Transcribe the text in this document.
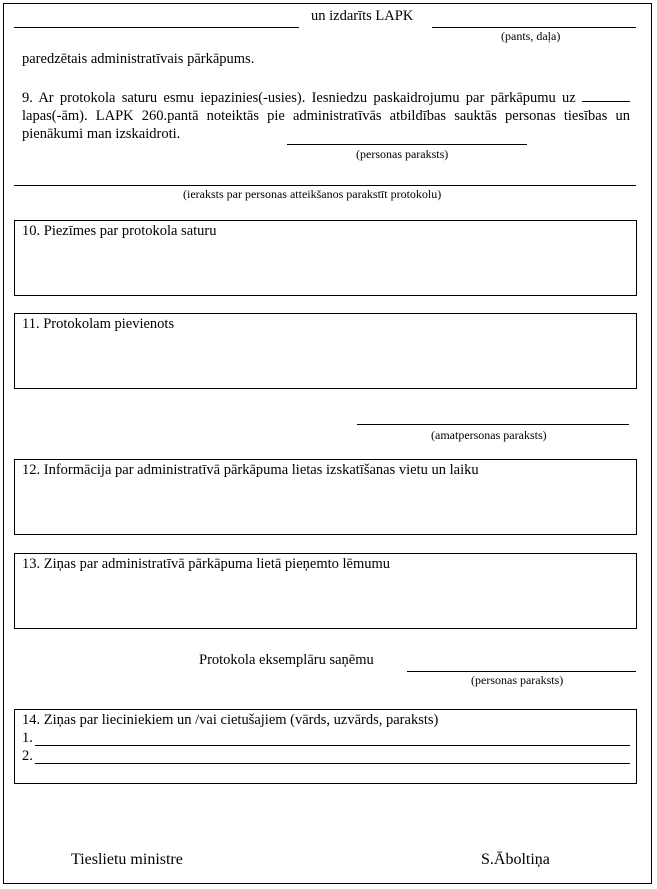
un izdarīts LAPK
(pants, daļa)
paredzētais administratīvais pārkāpums.
9. Ar protokola saturu esmu iepazinies(-usies). Iesniedzu paskaidrojumu par pārkāpumu uz lapas(-ām). LAPK 260.pantā noteiktās pie administratīvās atbildības sauktās personas tiesības un pienākumi man izskaidroti.
(personas paraksts)
(ieraksts par personas atteikšanos parakstīt protokolu)
10. Piezīmes par protokola saturu
11. Protokolam pievienots
(amatpersonas paraksts)
12. Informācija par administratīvā pārkāpuma lietas izskatīšanas vietu un laiku
13. Ziņas par administratīvā pārkāpuma lietā pieņemto lēmumu
Protokola eksemplāru saņēmu
(personas paraksts)
14. Ziņas par lieciniekiem un /vai cietušajiem (vārds, uzvārds, paraksts)
1.
2.
Tieslietu ministre	S.Āboltiņa
